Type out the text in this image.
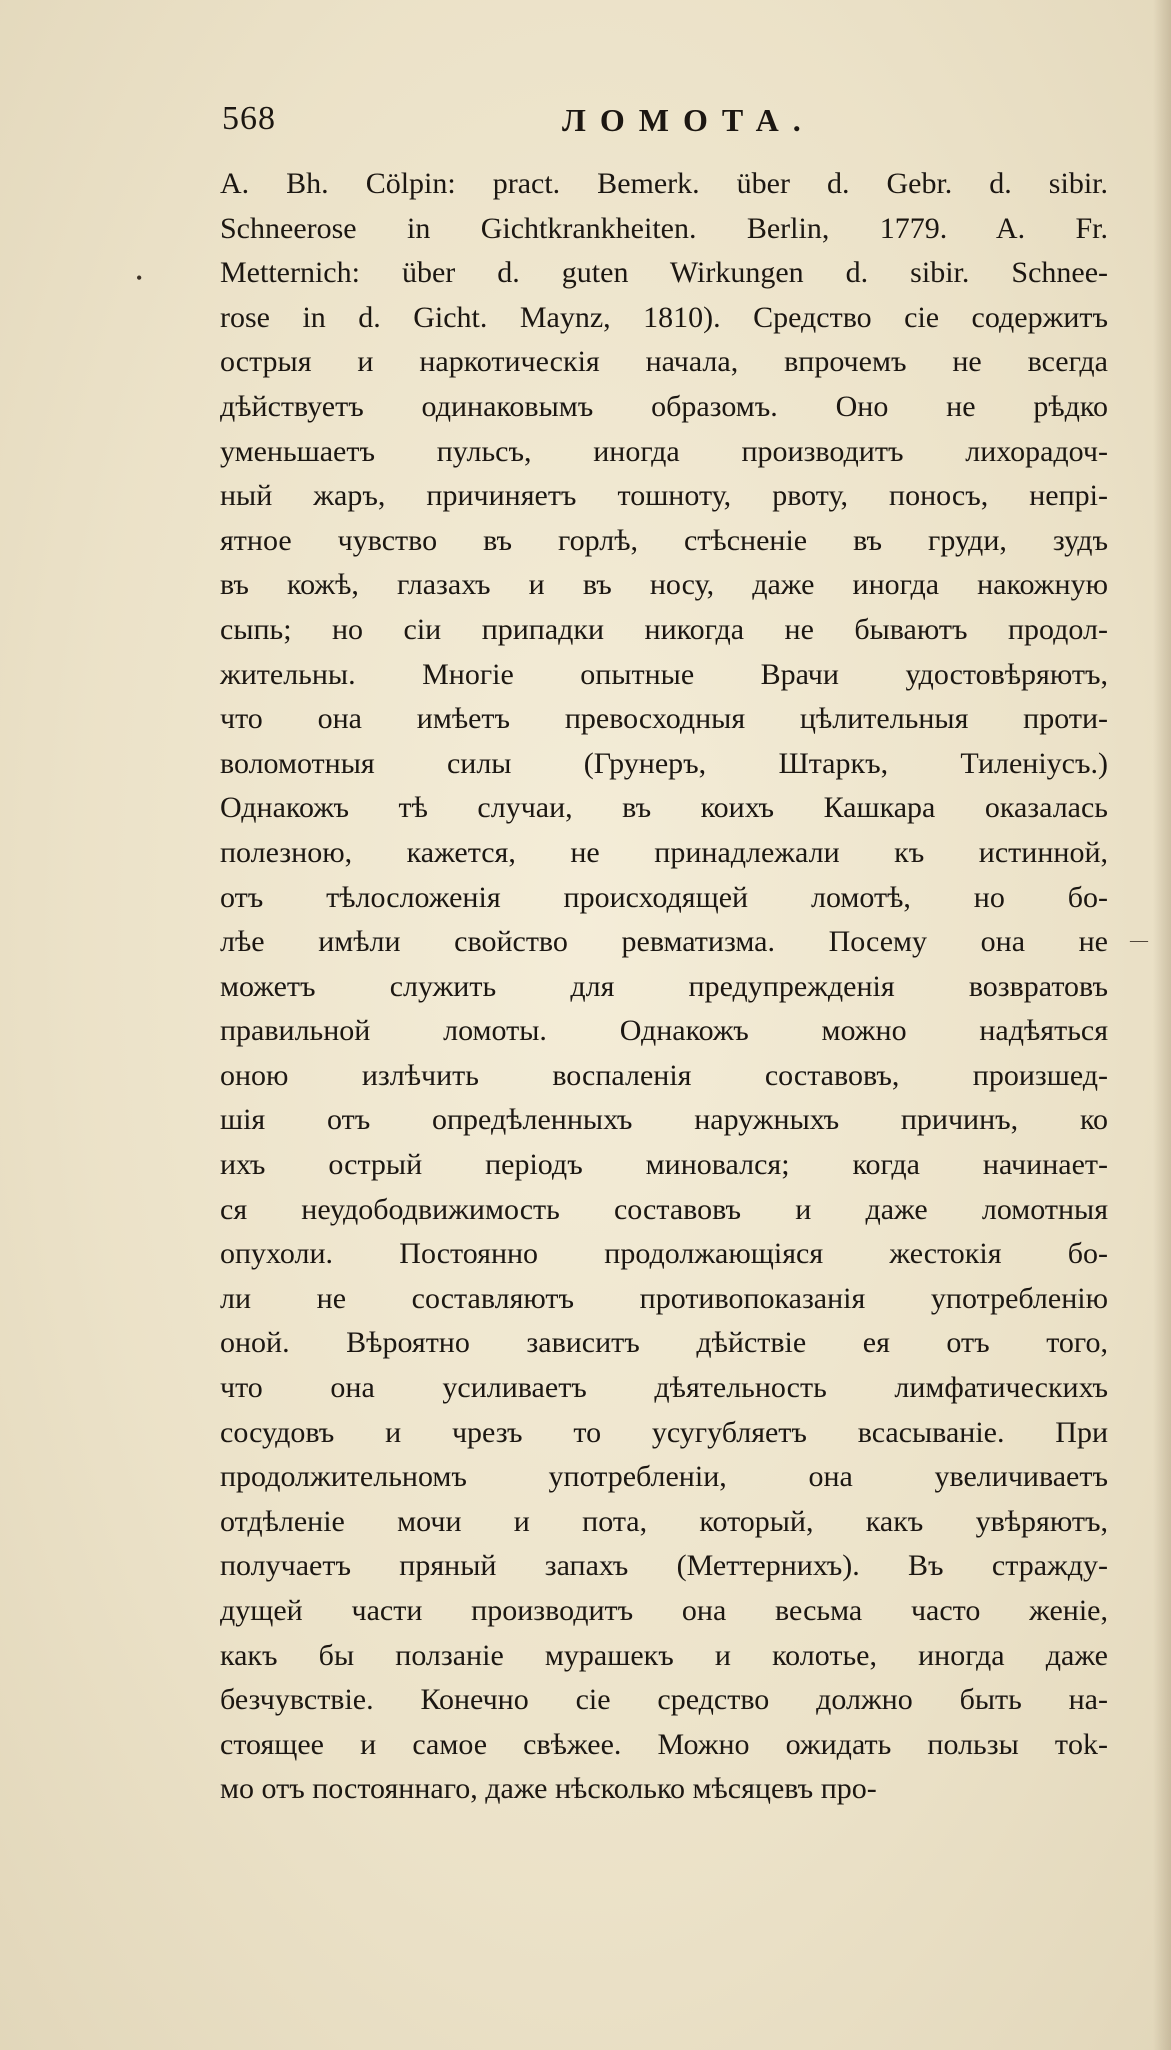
568	ЛОМОТА.
A. Bh. Cölpin: pract. Bemerk. über d. Gebr. d. sibir.
Schneerose in Gichtkrankheiten. Berlin, 1779. A. Fr.
Metternich: über d. guten Wirkungen d. sibir. Schnee-
rose in d. Gicht. Maynz, 1810). Средство сie содержитъ
острыя и наркотическiя начала, впрочемъ не всегда
дѣйствуетъ одинаковымъ образомъ. Оно не рѣдко
уменьшаетъ пульсъ, иногда производитъ лихорадоч-
ный жаръ, причиняетъ тошноту, рвоту, поносъ, непрi-
ятное чувство въ горлѣ, стѣсненie въ груди, зудъ
въ кожѣ, глазахъ и въ носу, даже иногда накожную
сыпь; но сiи припадки никогда не бываютъ продол-
жительны. Многie опытные Врачи удостовѣряютъ,
что она имѣетъ превосходныя цѣлительныя проти-
воломотныя силы (Грунеръ, Штаркъ, Тиленiусъ.)
Однакожъ тѣ случаи, въ коихъ Кашкара оказалась
полезною, кажется, не принадлежали къ истинной,
отъ тѣлосложенiя происходящей ломотѣ, но бо-
лѣе имѣли свойство ревматизма. Посему она не
можетъ служить для предупрежденiя возвратовъ
правильной ломоты. Однакожъ можно надѣяться
оною излѣчить воспаленiя составовъ, произшед-
шiя отъ опредѣленныхъ наружныхъ причинъ, ко
ихъ острый перiодъ миновался; когда начинает-
ся неудободвижимость составовъ и даже ломотныя
опухоли. Постоянно продолжающiяся жестокiя бо-
ли не составляютъ противопоказанiя употребленiю
оной. Вѣроятно зависитъ дѣйствie ея отъ того,
что она усиливаетъ дѣятельность лимфатическихъ
сосудовъ и чрезъ то усугубляетъ всасыванie. При
продолжительномъ употребленiи, она увеличиваетъ
отдѣленie мочи и пота, который, какъ увѣряютъ,
получаетъ пряный запахъ (Меттернихъ). Въ стражду-
дущей части производитъ она весьма часто женie,
какъ бы ползанie мурашекъ и колотье, иногда даже
безчувствie. Конечно сie средство должно быть на-
стоящее и самое свѣжее. Можно ожидать пользы тok-
мо отъ постояннаго, даже нѣсколько мѣсяцевъ про-
•
—
